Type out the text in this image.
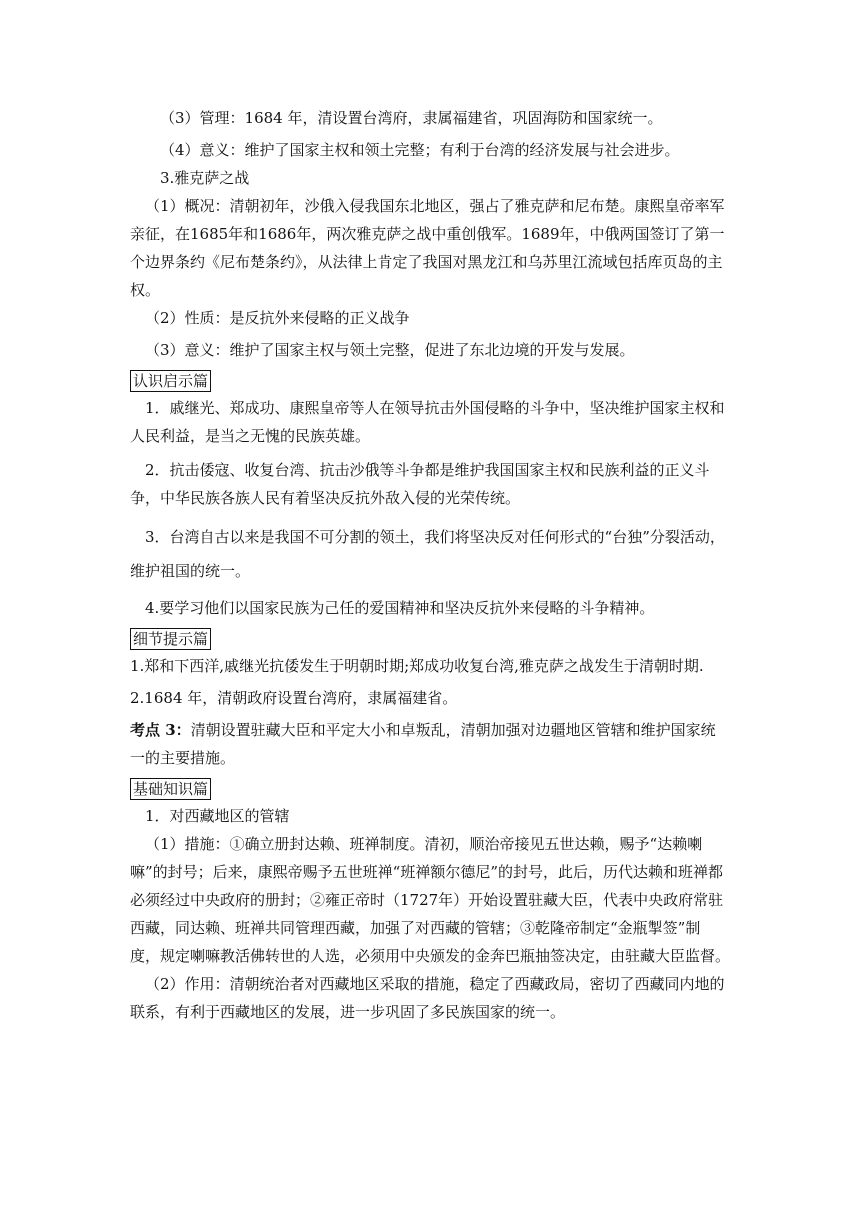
（3）管理：1684 年，清设置台湾府，隶属福建省，巩固海防和国家统一。

（4）意义：维护了国家主权和领土完整；有利于台湾的经济发展与社会进步。

3.雅克萨之战

（1）概况：清朝初年，沙俄入侵我国东北地区，强占了雅克萨和尼布楚。康熙皇帝率军亲征，在1685年和1686年，两次雅克萨之战中重创俄军。1689年，中俄两国签订了第一个边界条约《尼布楚条约》，从法律上肯定了我国对黑龙江和乌苏里江流域包括库页岛的主权。

（2）性质：是反抗外来侵略的正义战争

（3）意义：维护了国家主权与领土完整，促进了东北边境的开发与发展。

认识启示篇

1．戚继光、郑成功、康熙皇帝等人在领导抗击外国侵略的斗争中，坚决维护国家主权和人民利益，是当之无愧的民族英雄。

2．抗击倭寇、收复台湾、抗击沙俄等斗争都是维护我国国家主权和民族利益的正义斗争，中华民族各族人民有着坚决反抗外敌入侵的光荣传统。

3．台湾自古以来是我国不可分割的领土，我们将坚决反对任何形式的“台独”分裂活动，维护祖国的统一。

4.要学习他们以国家民族为己任的爱国精神和坚决反抗外来侵略的斗争精神。

细节提示篇

1.郑和下西洋,戚继光抗倭发生于明朝时期;郑成功收复台湾,雅克萨之战发生于清朝时期.

2.1684 年，清朝政府设置台湾府，隶属福建省。

考点 3：清朝设置驻藏大臣和平定大小和卓叛乱，清朝加强对边疆地区管辖和维护国家统一的主要措施。

基础知识篇

1．对西藏地区的管辖

（1）措施：①确立册封达赖、班禅制度。清初，顺治帝接见五世达赖，赐予“达赖喇嘛”的封号；后来，康熙帝赐予五世班禅“班禅额尔德尼”的封号，此后，历代达赖和班禅都必须经过中央政府的册封；②雍正帝时（1727年）开始设置驻藏大臣，代表中央政府常驻西藏，同达赖、班禅共同管理西藏，加强了对西藏的管辖；③乾隆帝制定“金瓶掣签”制度，规定喇嘛教活佛转世的人选，必须用中央颁发的金奔巴瓶抽签决定，由驻藏大臣监督。

（2）作用：清朝统治者对西藏地区采取的措施，稳定了西藏政局，密切了西藏同内地的联系，有利于西藏地区的发展，进一步巩固了多民族国家的统一。
